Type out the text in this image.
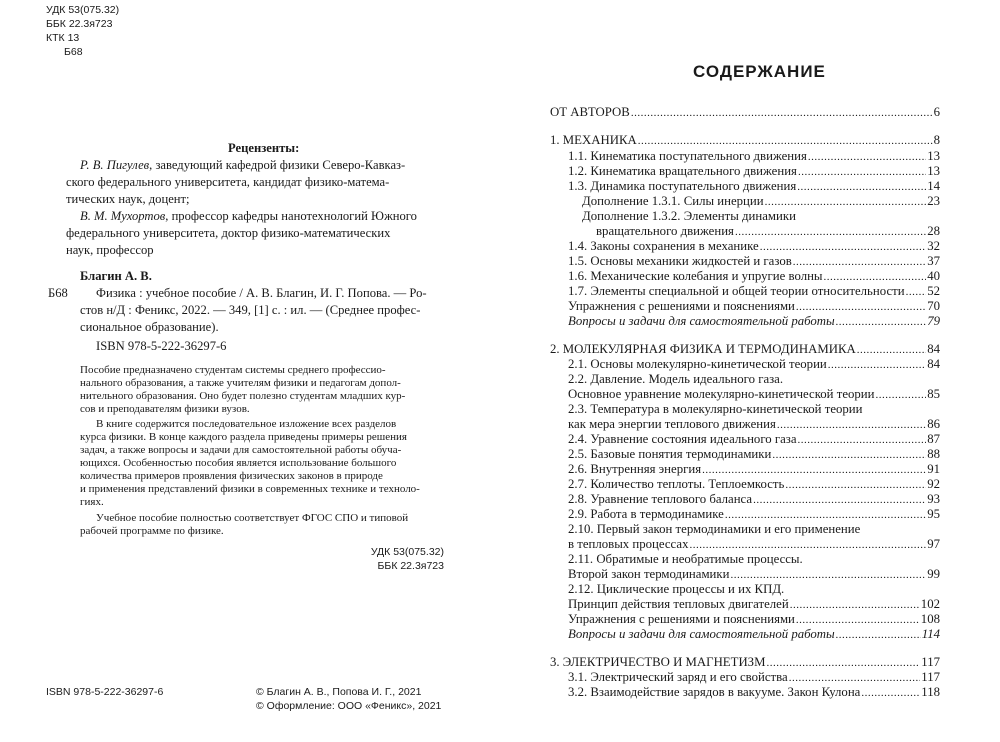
УДК 53(075.32)
ББК 22.3я723
КТК 13
Б68
Рецензенты:
Р. В. Пигулев, заведующий кафедрой физики Северо-Кавказ-
ского федерального университета, кандидат физико-матема-
тических наук, доцент;
В. М. Мухортов, профессор кафедры нанотехнологий Южного
федерального университета, доктор физико-математических
наук, профессор
Благин А. В.
Б68 Физика : учебное пособие / А. В. Благин, И. Г. Попова. — Ро-
стов н/Д : Феникс, 2022. — 349, [1] с. : ил. — (Среднее профес-
сиональное образование).
ISBN 978-5-222-36297-6
Пособие предназначено студентам системы среднего профессио-
нального образования, а также учителям физики и педагогам допол-
нительного образования. Оно будет полезно студентам младших кур-
сов и преподавателям физики вузов.
В книге содержится последовательное изложение всех разделов
курса физики. В конце каждого раздела приведены примеры решения
задач, а также вопросы и задачи для самостоятельной работы обуча-
ющихся. Особенностью пособия является использование большого
количества примеров проявления физических законов в природе
и применения представлений физики в современных технике и техноло-
гиях.
Учебное пособие полностью соответствует ФГОС СПО и типовой
рабочей программе по физике.
УДК 53(075.32)
ББК 22.3я723
ISBN 978-5-222-36297-6	© Благин А. В., Попова И. Г., 2021
© Оформление: ООО «Феникс», 2021
СОДЕРЖАНИЕ
ОТ АВТОРОВ .....	6
1. МЕХАНИКА .....	8
1.1. Кинематика поступательного движения .....	13
1.2. Кинематика вращательного движения .....	13
1.3. Динамика поступательного движения .....	14
Дополнение 1.3.1. Силы инерции .....	23
Дополнение 1.3.2. Элементы динамики
вращательного движения .....	28
1.4. Законы сохранения в механике .....	32
1.5. Основы механики жидкостей и газов .....	37
1.6. Механические колебания и упругие волны .....	40
1.7. Элементы специальной и общей теории относительности ..... 52
Упражнения с решениями и пояснениями .....	70
Вопросы и задачи для самостоятельной работы .....	79
2. МОЛЕКУЛЯРНАЯ ФИЗИКА И ТЕРМОДИНАМИКА .....	84
2.1. Основы молекулярно-кинетической теории .....	84
2.2. Давление. Модель идеального газа.
Основное уравнение молекулярно-кинетической теории .....	85
2.3. Температура в молекулярно-кинетической теории
как мера энергии теплового движения .....	86
2.4. Уравнение состояния идеального газа .....	87
2.5. Базовые понятия термодинамики .....	88
2.6. Внутренняя энергия .....	91
2.7. Количество теплоты. Теплоемкость .....	92
2.8. Уравнение теплового баланса .....	93
2.9. Работа в термодинамике .....	95
2.10. Первый закон термодинамики и его применение
в тепловых процессах .....	97
2.11. Обратимые и необратимые процессы.
Второй закон термодинамики .....	99
2.12. Циклические процессы и их КПД.
Принцип действия тепловых двигателей .....	102
Упражнения с решениями и пояснениями .....	108
Вопросы и задачи для самостоятельной работы .....	114
3. ЭЛЕКТРИЧЕСТВО И МАГНЕТИЗМ .....	117
3.1. Электрический заряд и его свойства .....	117
3.2. Взаимодействие зарядов в вакууме. Закон Кулона .....	118
